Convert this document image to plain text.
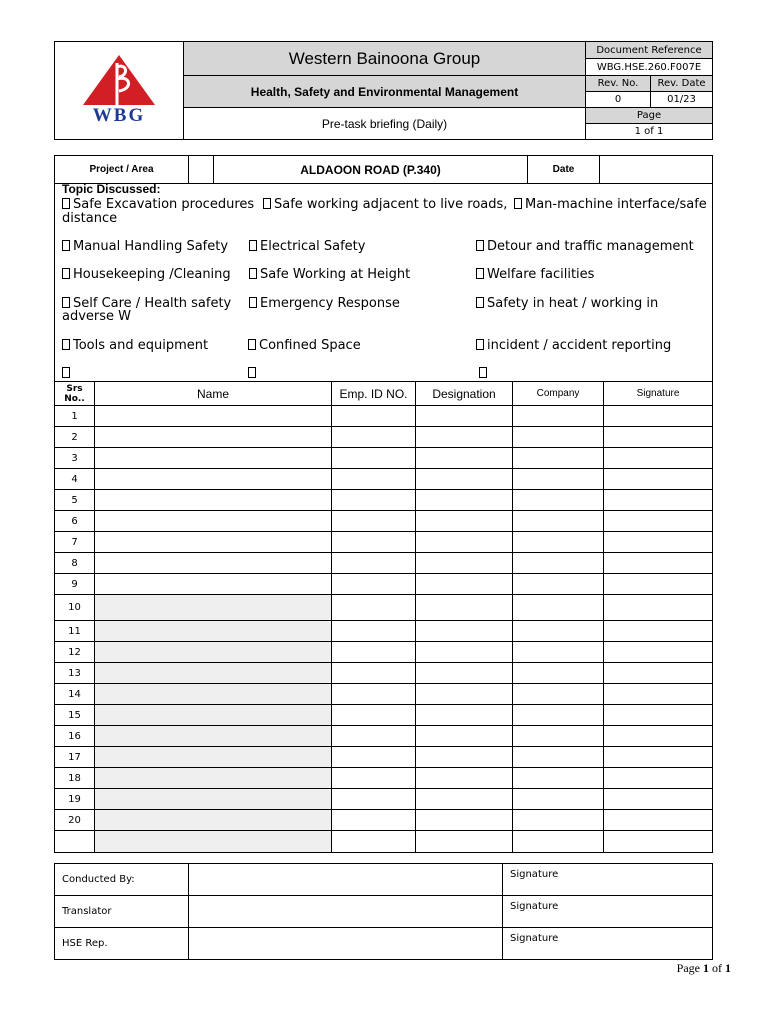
WBG	Western Bainoona Group	Document Reference	
		WBG.HSE.260.F007E	
	Health, Safety and Environmental Management	Rev. No.	Rev. Date
		0	01/23
	Pre-task briefing (Daily)	Page	
		1 of 1	
Project / Area		ALDAOON ROAD (P.340)	Date	
Topic Discussed:
Safe Excavation procedures	Safe working adjacent to live roads,	Man-machine interface/safe
distance
Manual Handling Safety	Electrical Safety	Detour and traffic management
Housekeeping /Cleaning	Safe Working at Height	Welfare facilities
Self Care / Health safety	Emergency Response	Safety in heat / working in
adverse W
Tools and equipment	Confined Space	incident / accident reporting
Srs No..	Name	Emp. ID NO.	Designation	Company	Signature
1					
2					
3					
4					
5					
6					
7					
8					
9					
10					
11					
12					
13					
14					
15					
16					
17					
18					
19					
20					

Conducted By:		Signature
Translator		Signature
HSE Rep.		Signature
Page 1 of 1
